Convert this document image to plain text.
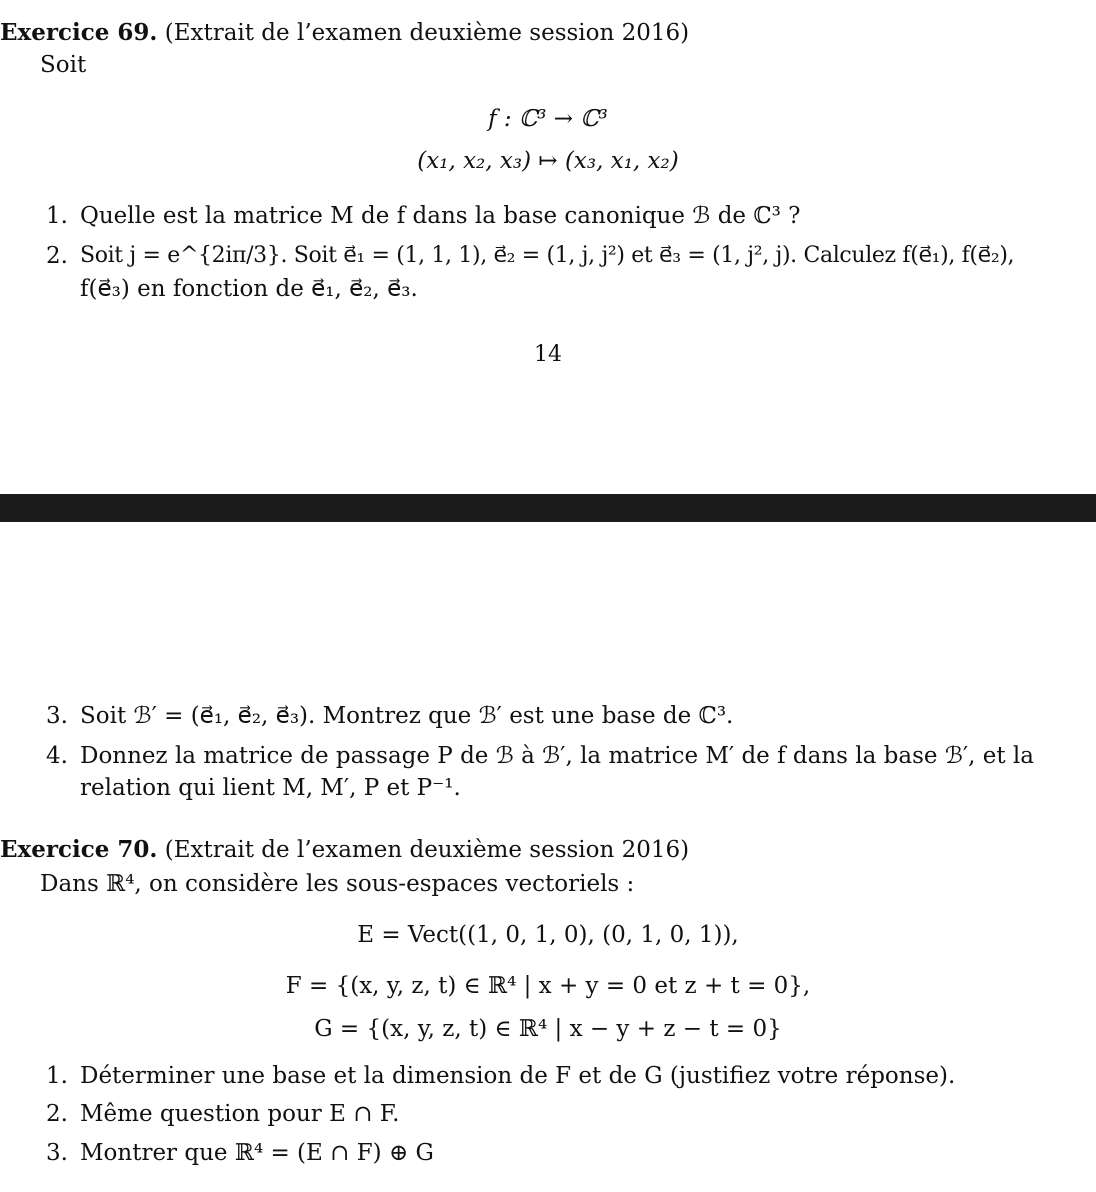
Exercice 69. (Extrait de l’examen deuxième session 2016)
Soit
f : ℂ³ → ℂ³
(x₁, x₂, x₃) ↦ (x₃, x₁, x₂)
1. Quelle est la matrice M de f dans la base canonique ℬ de ℂ³ ?
2. Soit j = e^{2iπ/3}. Soit e⃗₁ = (1, 1, 1), e⃗₂ = (1, j, j²) et e⃗₃ = (1, j², j). Calculez f(e⃗₁), f(e⃗₂),
f(e⃗₃) en fonction de e⃗₁, e⃗₂, e⃗₃.
14
3. Soit ℬ′ = (e⃗₁, e⃗₂, e⃗₃). Montrez que ℬ′ est une base de ℂ³.
4. Donnez la matrice de passage P de ℬ à ℬ′, la matrice M′ de f dans la base ℬ′, et la
relation qui lient M, M′, P et P⁻¹.
Exercice 70. (Extrait de l’examen deuxième session 2016)
Dans ℝ⁴, on considère les sous-espaces vectoriels :
E = Vect((1, 0, 1, 0), (0, 1, 0, 1)),
F = {(x, y, z, t) ∈ ℝ⁴ | x + y = 0 et z + t = 0},
G = {(x, y, z, t) ∈ ℝ⁴ | x − y + z − t = 0}
1. Déterminer une base et la dimension de F et de G (justifiez votre réponse).
2. Même question pour E ∩ F.
3. Montrer que ℝ⁴ = (E ∩ F) ⊕ G
